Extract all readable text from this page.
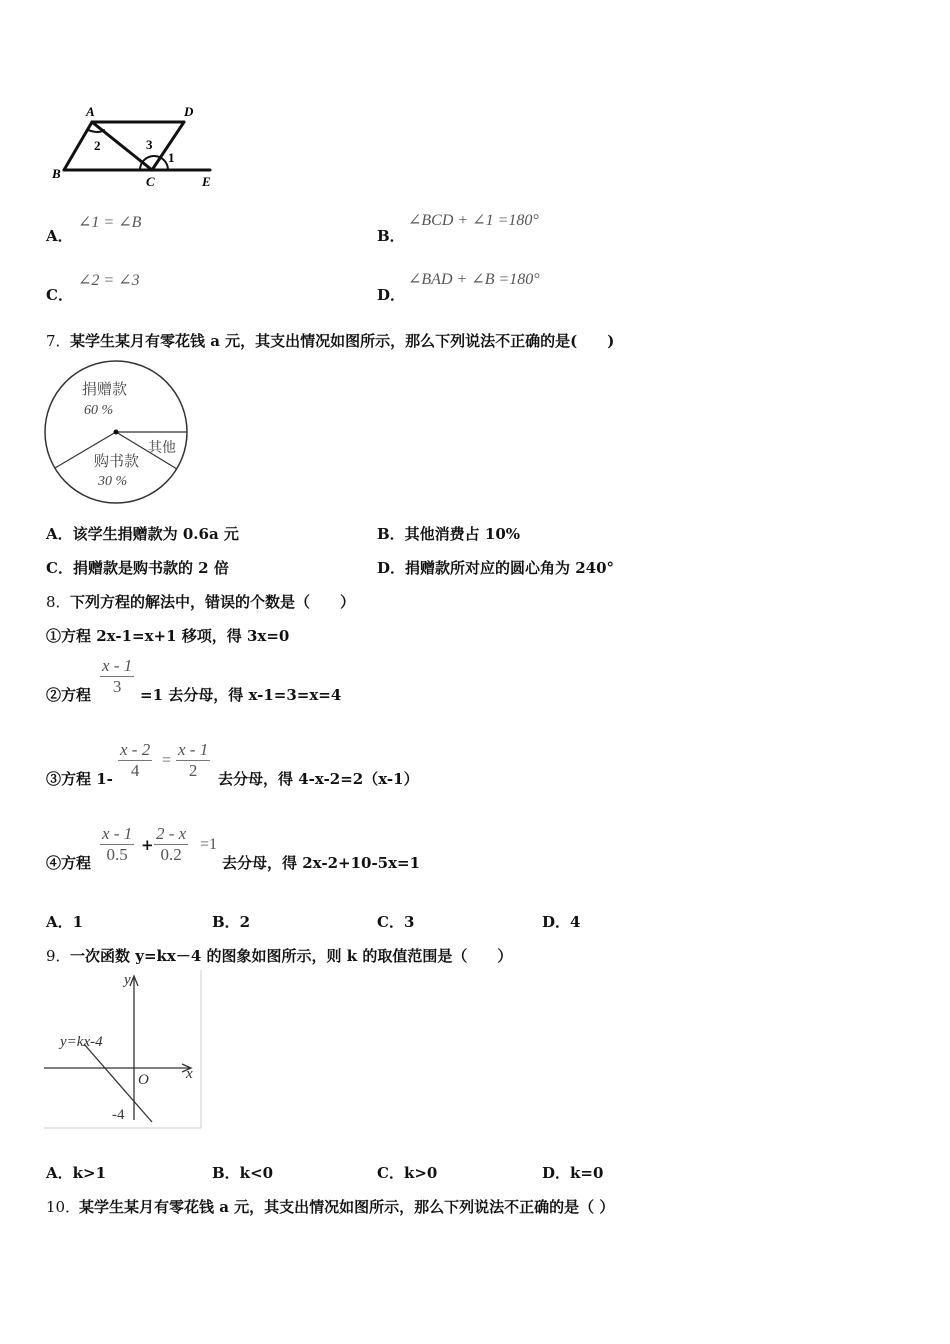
A	D
B
C	E
1
2	3
A．
∠1 = ∠B
B．
∠BCD + ∠1 =180°
C．
∠2 = ∠3
D．
∠BAD + ∠B =180°
7． 某学生某月有零花钱 a 元，其支出情况如图所示，那么下列说法不正确的是(　　)
捐赠款
60 %
其他
购书款
30 %
A．该学生捐赠款为 0.6a 元	B．其他消费占 10%
C．捐赠款是购书款的 2 倍	D．捐赠款所对应的圆心角为 240°
8． 下列方程的解法中，错误的个数是（　　）
①方程 2x-1=x+1 移项，得 3x=0
②方程
x - 1
3	=1 去分母，得 x-1=3=x=4
③方程 1-
x - 2
4
=
x - 1
2	去分母，得 4-x-2=2（x-1）
④方程
x - 1
0.5 +
2 - x
0.2
=1
去分母，得 2x-2+10-5x=1
A．1	B．2	C．3	D．4
9． 一次函数 y=kx－4 的图象如图所示，则 k 的取值范围是（　　）
y
x
O
y=kx-4
-4
A．k>1	B．k<0	C．k>0	D．k=0
10．
某学生某月有零花钱 a 元，其支出情况如图所示，那么下列说法不正确的是（ ）
